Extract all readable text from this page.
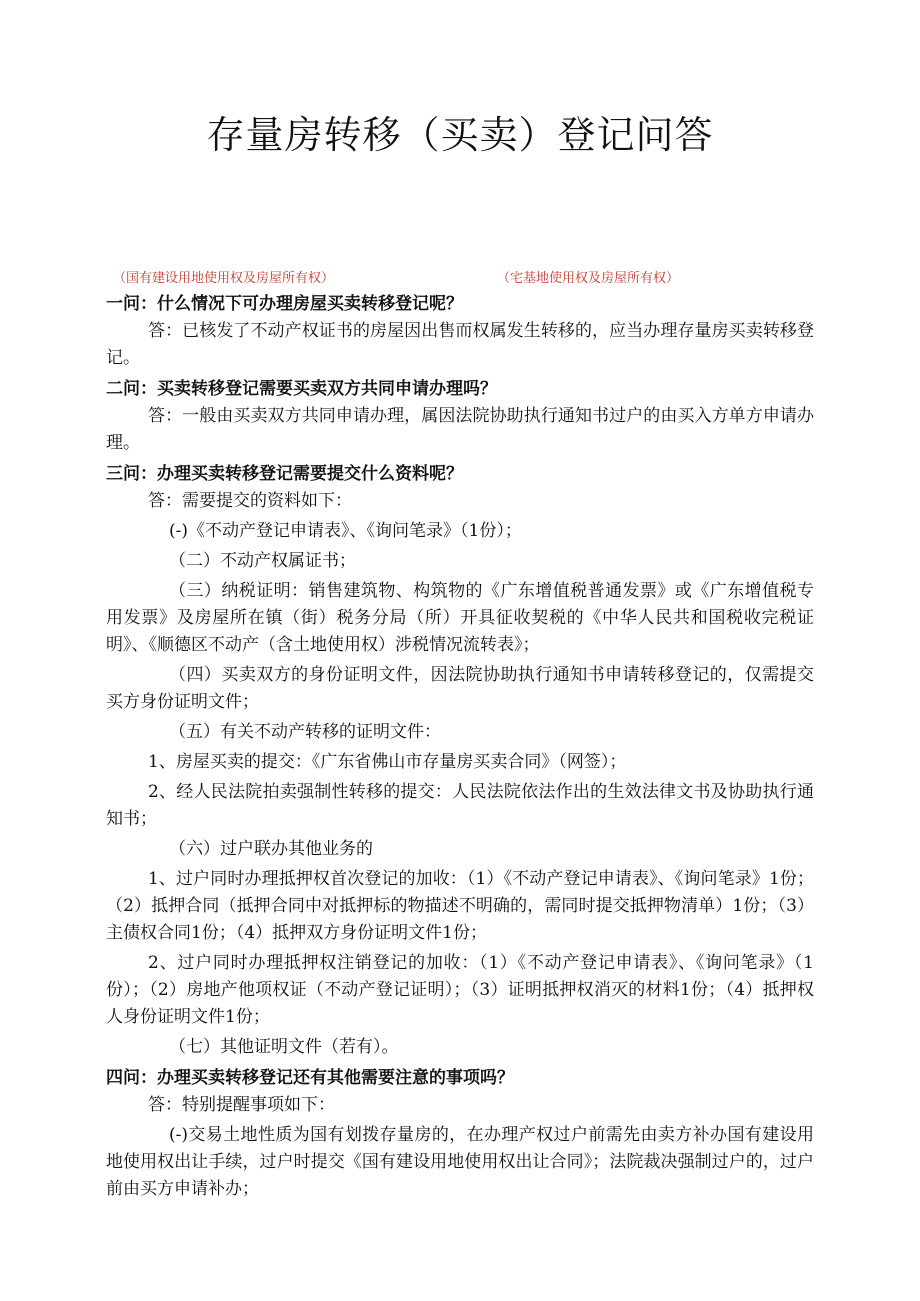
存量房转移（买卖）登记问答
（国有建设用地使用权及房屋所有权）	（宅基地使用权及房屋所有权）

一问：什么情况下可办理房屋买卖转移登记呢？

答：已核发了不动产权证书的房屋因出售而权属发生转移的，应当办理存量房买卖转移登记。

二问：买卖转移登记需要买卖双方共同申请办理吗？

答：一般由买卖双方共同申请办理，属因法院协助执行通知书过户的由买入方单方申请办理。

三问：办理买卖转移登记需要提交什么资料呢？

答：需要提交的资料如下：

(-)《不动产登记申请表》、《询问笔录》（1份）；

（二）不动产权属证书；

（三）纳税证明：销售建筑物、构筑物的《广东增值税普通发票》或《广东增值税专用发票》及房屋所在镇（街）税务分局（所）开具征收契税的《中华人民共和国税收完税证明》、《顺德区不动产（含土地使用权）涉税情况流转表》；

（四）买卖双方的身份证明文件，因法院协助执行通知书申请转移登记的，仅需提交买方身份证明文件；

（五）有关不动产转移的证明文件：

1、房屋买卖的提交：《广东省佛山市存量房买卖合同》（网签）；

2、经人民法院拍卖强制性转移的提交：人民法院依法作出的生效法律文书及协助执行通知书；

（六）过户联办其他业务的

1、过户同时办理抵押权首次登记的加收：（1）《不动产登记申请表》、《询问笔录》1份；（2）抵押合同（抵押合同中对抵押标的物描述不明确的，需同时提交抵押物清单）1份；（3）主债权合同1份；（4）抵押双方身份证明文件1份；

2、过户同时办理抵押权注销登记的加收：（1）《不动产登记申请表》、《询问笔录》（1份）；（2）房地产他项权证（不动产登记证明）；（3）证明抵押权消灭的材料1份；（4）抵押权人身份证明文件1份；

（七）其他证明文件（若有）。

四问：办理买卖转移登记还有其他需要注意的事项吗？

答：特别提醒事项如下：

(-)交易土地性质为国有划拨存量房的，在办理产权过户前需先由卖方补办国有建设用地使用权出让手续，过户时提交《国有建设用地使用权出让合同》；法院裁决强制过户的，过户前由买方申请补办；
